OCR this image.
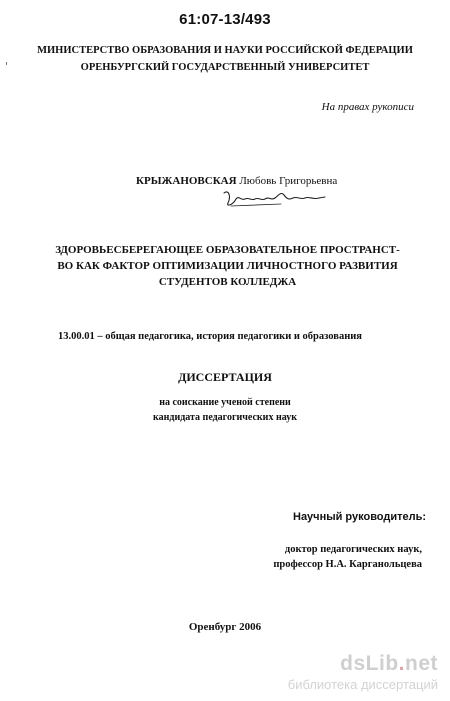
61:07-13/493
МИНИСТЕРСТВО ОБРАЗОВАНИЯ И НАУКИ РОССИЙСКОЙ ФЕДЕРАЦИИ
ОРЕНБУРГСКИЙ ГОСУДАРСТВЕННЫЙ УНИВЕРСИТЕТ
На правах рукописи
КРЫЖАНОВСКАЯ Любовь Григорьевна
ЗДОРОВЬЕСБЕРЕГАЮЩЕЕ ОБРАЗОВАТЕЛЬНОЕ ПРОСТРАНСТ-
ВО КАК ФАКТОР ОПТИМИЗАЦИИ ЛИЧНОСТНОГО РАЗВИТИЯ
СТУДЕНТОВ КОЛЛЕДЖА
13.00.01 – общая педагогика, история педагогики и образования
ДИССЕРТАЦИЯ
на соискание ученой степени
кандидата педагогических наук
Научный руководитель:
доктор педагогических наук,
профессор Н.А. Карганольцева
Оренбург 2006
dsLib.net
библиотека диссертаций
